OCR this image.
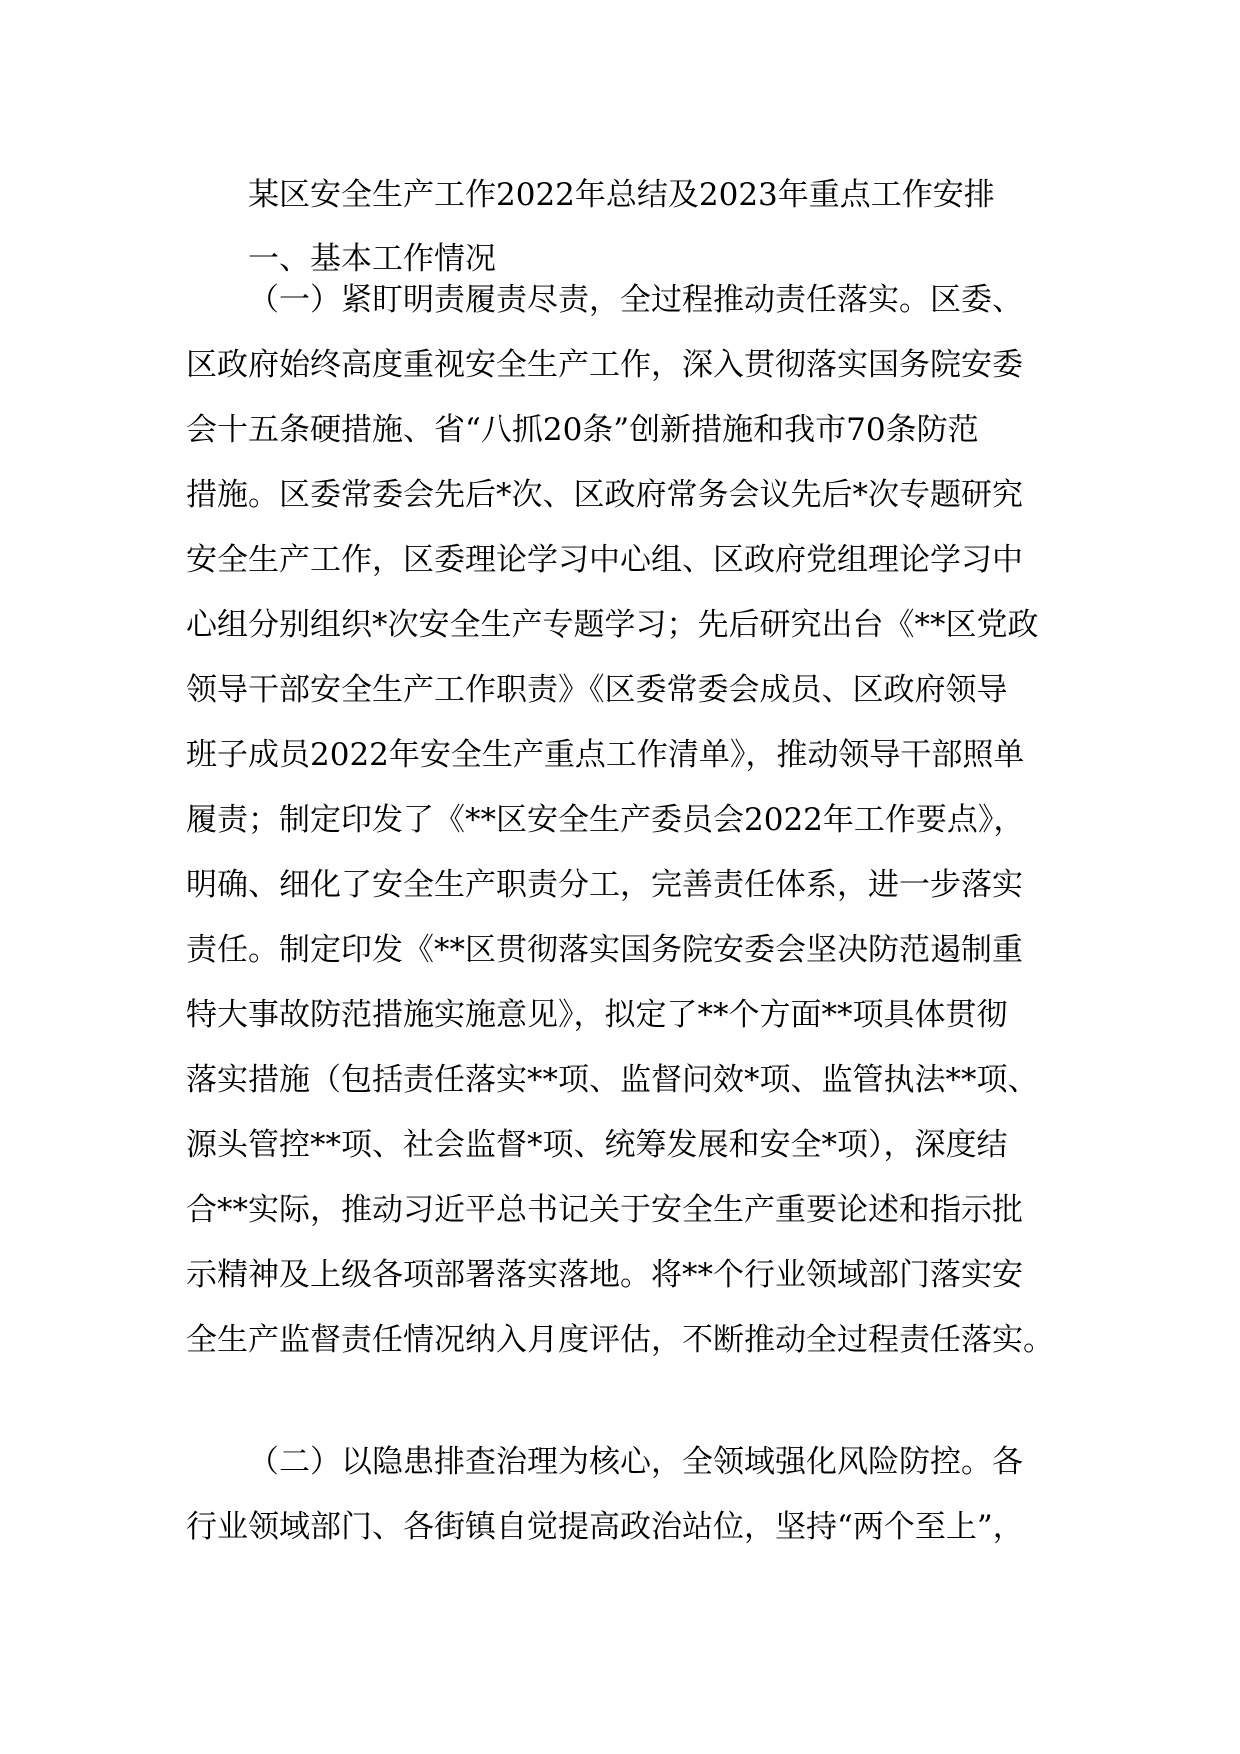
某区安全生产工作2022年总结及2023年重点工作安排
一、基本工作情况
（一）紧盯明责履责尽责，全过程推动责任落实。区委、
区政府始终高度重视安全生产工作，深入贯彻落实国务院安委
会十五条硬措施、省“八抓20条”创新措施和我市70条防范
措施。区委常委会先后*次、区政府常务会议先后*次专题研究
安全生产工作，区委理论学习中心组、区政府党组理论学习中
心组分别组织*次安全生产专题学习；先后研究出台《**区党政
领导干部安全生产工作职责》《区委常委会成员、区政府领导
班子成员2022年安全生产重点工作清单》，推动领导干部照单
履责；制定印发了《**区安全生产委员会2022年工作要点》，
明确、细化了安全生产职责分工，完善责任体系，进一步落实
责任。制定印发《**区贯彻落实国务院安委会坚决防范遏制重
特大事故防范措施实施意见》，拟定了**个方面**项具体贯彻
落实措施（包括责任落实**项、监督问效*项、监管执法**项、
源头管控**项、社会监督*项、统筹发展和安全*项），深度结
合**实际，推动习近平总书记关于安全生产重要论述和指示批
示精神及上级各项部署落实落地。将**个行业领域部门落实安
全生产监督责任情况纳入月度评估，不断推动全过程责任落实。
（二）以隐患排查治理为核心，全领域强化风险防控。各
行业领域部门、各街镇自觉提高政治站位，坚持“两个至上”，
